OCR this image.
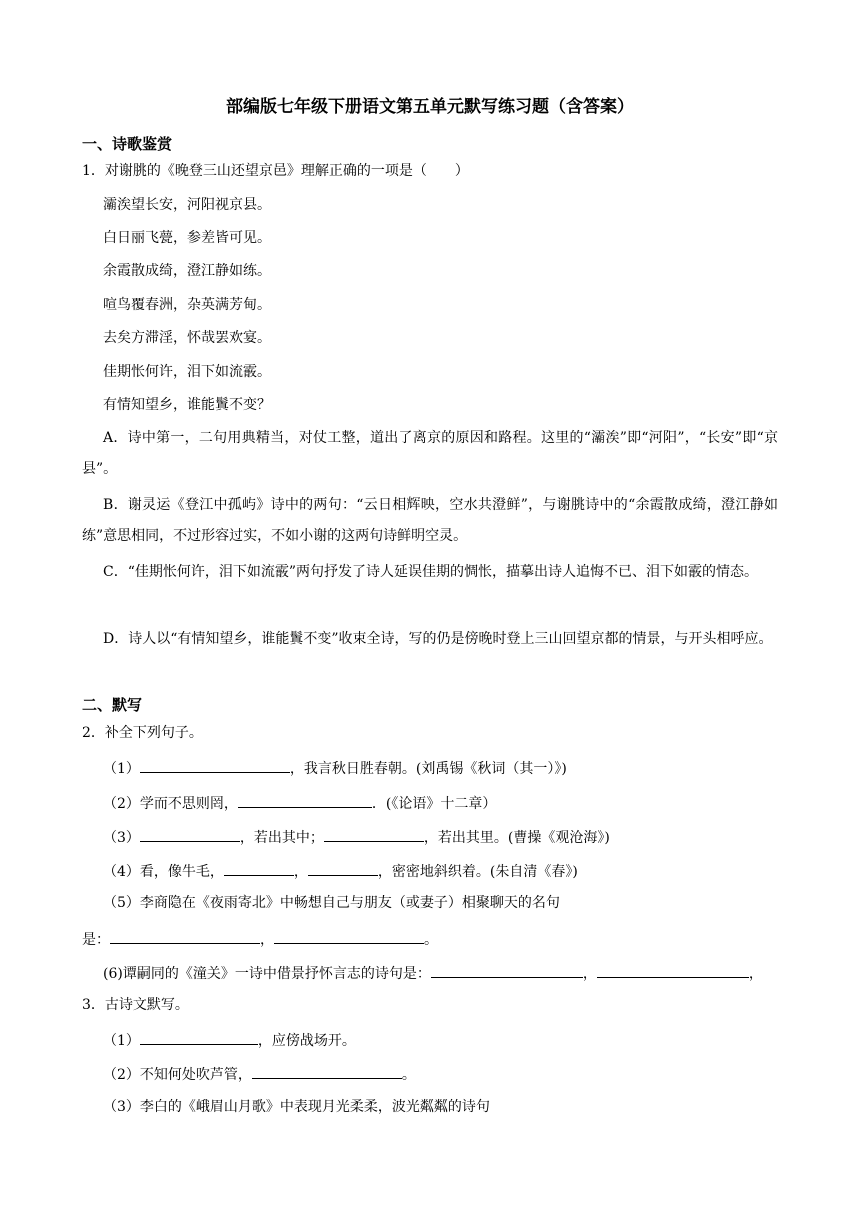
部编版七年级下册语文第五单元默写练习题（含答案）
一、诗歌鉴赏
1．对谢朓的《晚登三山还望京邑》理解正确的一项是（　　）
灞涘望长安，河阳视京县。
白日丽飞甍，参差皆可见。
余霞散成绮，澄江静如练。
喧鸟覆春洲，杂英满芳甸。
去矣方滞淫，怀哉罢欢宴。
佳期怅何许，泪下如流霰。
有情知望乡，谁能鬒不变？
A．诗中第一，二句用典精当，对仗工整，道出了离京的原因和路程。这里的“灞涘”即“河阳”，“长安”即“京县”。
B．谢灵运《登江中孤屿》诗中的两句：“云日相辉映，空水共澄鲜”，与谢朓诗中的“余霞散成绮，澄江静如练”意思相同，不过形容过实，不如小谢的这两句诗鲜明空灵。
C．“佳期怅何许，泪下如流霰”两句抒发了诗人延误佳期的惆怅，描摹出诗人追悔不已、泪下如霰的情态。
D．诗人以“有情知望乡，谁能鬒不变”收束全诗，写的仍是傍晚时登上三山回望京都的情景，与开头相呼应。
二、默写
2．补全下列句子。
（1）	，我言秋日胜春朝。(刘禹锡《秋词（其一）》)
（2）学而不思则罔，	．(《论语》十二章）
（3）	，若出其中；	，若出其里。(曹操《观沧海》)
（4）看，像牛毛，	，	，密密地斜织着。(朱自清《春》)
（5）李商隐在《夜雨寄北》中畅想自己与朋友（或妻子）相聚聊天的名句
是：	，	。
(6)谭嗣同的《潼关》一诗中借景抒怀言志的诗句是：	，	，
3．古诗文默写。
（1）	，应傍战场开。
（2）不知何处吹芦管，	。
（3）李白的《峨眉山月歌》中表现月光柔柔，波光粼粼的诗句
